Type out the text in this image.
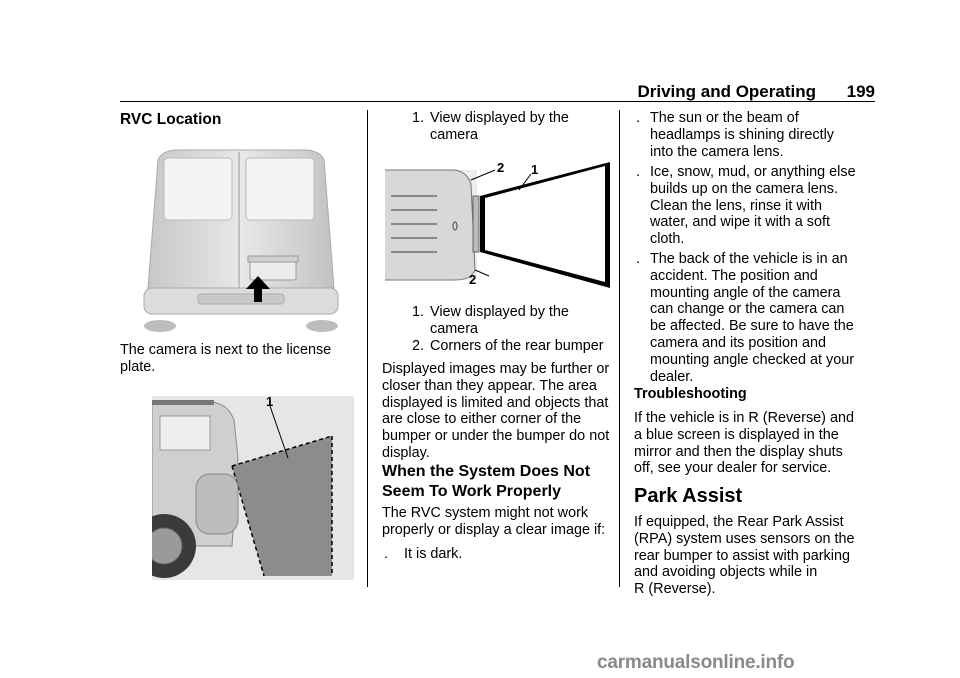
Driving and Operating	199
RVC Location
The camera is next to the license
plate.
1
1. View displayed by the
camera
2 1
2
1. View displayed by the
camera
2. Corners of the rear bumper
Displayed images may be further or
closer than they appear. The area
displayed is limited and objects that
are close to either corner of the
bumper or under the bumper do not
display.
When the System Does Not
Seem To Work Properly
The RVC system might not work
properly or display a clear image if:
. It is dark.
. The sun or the beam of
headlamps is shining directly
into the camera lens.
. Ice, snow, mud, or anything else
builds up on the camera lens.
Clean the lens, rinse it with
water, and wipe it with a soft
cloth.
. The back of the vehicle is in an
accident. The position and
mounting angle of the camera
can change or the camera can
be affected. Be sure to have the
camera and its position and
mounting angle checked at your
dealer.
Troubleshooting
If the vehicle is in R (Reverse) and
a blue screen is displayed in the
mirror and then the display shuts
off, see your dealer for service.
Park Assist
If equipped, the Rear Park Assist
(RPA) system uses sensors on the
rear bumper to assist with parking
and avoiding objects while in
R (Reverse).
carmanualsonline.info
